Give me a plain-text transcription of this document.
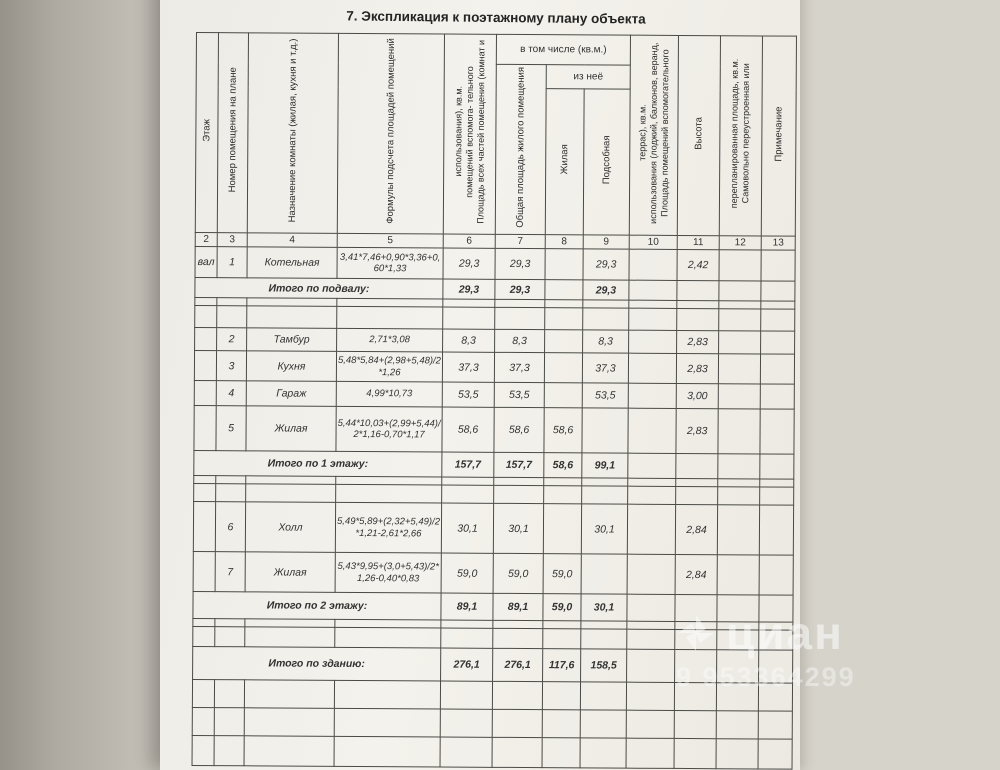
7. Экспликация к поэтажному плану объекта
Этаж	Номер помещения на плане	Назначение комнаты (жилая, кухня и т.д.)	Формулы подсчета площадей помещений	Площадь всех частей помещения (комнат и помещений вспомога- тельного использования), кв.м.	в том числе (кв.м.)			Площадь помещений вспомогательного использования (лоджий, балконов, веранд, террас), кв.м.	Высота	Самовольно переустроенная или перепланированная площадь, кв.м.	Примечание
					Общая площадь жилого помещения	из неё					
						Жилая	Подсобная				
2	3	4	5	6	7	8	9	10	11	12	13
вал	1	Котельная	3,41*7,46+0,90*3,36+0,60*1,33	29,3	29,3		29,3		2,42		
Итого по подвалу:				29,3	29,3		29,3				

	2	Тамбур	2,71*3,08	8,3	8,3		8,3		2,83		
	3	Кухня	5,48*5,84+(2,98+5,48)/2*1,26	37,3	37,3		37,3		2,83		
	4	Гараж	4,99*10,73	53,5	53,5		53,5		3,00		
	5	Жилая	5,44*10,03+(2,99+5,44)/2*1,16-0,70*1,17	58,6	58,6	58,6			2,83		
Итого по 1 этажу:				157,7	157,7	58,6	99,1				

	6	Холл	5,49*5,89+(2,32+5,49)/2*1,21-2,61*2,66	30,1	30,1		30,1		2,84		
	7	Жилая	5,43*9,95+(3,0+5,43)/2*1,26-0,40*0,83	59,0	59,0	59,0			2,84		
Итого по 2 этажу:				89,1	89,1	59,0	30,1				

Итого по зданию:				276,1	276,1	117,6	158,5				

циан
9 953364299
